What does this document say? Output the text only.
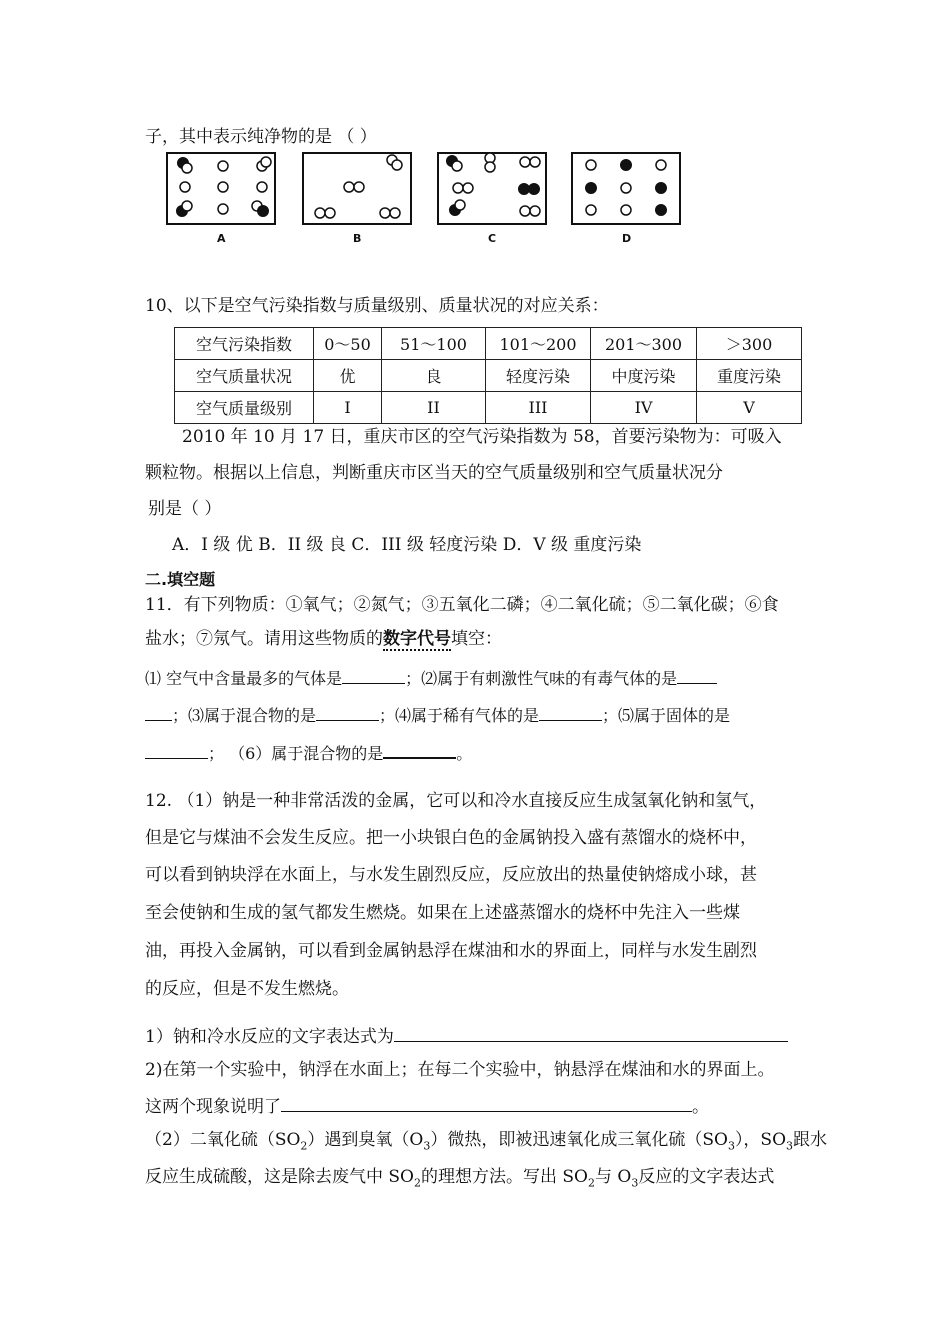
子，其中表示纯净物的是 （ ）
A	B	C	D
10、以下是空气污染指数与质量级别、质量状况的对应关系：
空气污染指数	0～50	51～100	101～200	201～300	＞300
空气质量状况	优	良	轻度污染	中度污染	重度污染
空气质量级别	I	II	III	IV	V
2010 年 10 月 17 日，重庆市区的空气污染指数为 58，首要污染物为：可吸入
颗粒物。根据以上信息，判断重庆市区当天的空气质量级别和空气质量状况分
别是（ ）
A．I 级 优 B．II 级 良 C．III 级 轻度污染 D．V 级 重度污染
二.填空题
11．有下列物质：①氧气；②氮气；③五氧化二磷；④二氧化硫；⑤二氧化碳；⑥食
盐水；⑦氖气。请用这些物质的数字代号填空：
⑴ 空气中含量最多的气体是	；⑵属于有刺激性气味的有毒气体的是
；⑶属于混合物的是	；⑷属于稀有气体的是	；⑸属于固体的是
； （6）属于混合物的是	。
12. （1）钠是一种非常活泼的金属，它可以和冷水直接反应生成氢氧化钠和氢气，
但是它与煤油不会发生反应。把一小块银白色的金属钠投入盛有蒸馏水的烧杯中，
可以看到钠块浮在水面上，与水发生剧烈反应，反应放出的热量使钠熔成小球，甚
至会使钠和生成的氢气都发生燃烧。如果在上述盛蒸馏水的烧杯中先注入一些煤
油，再投入金属钠，可以看到金属钠悬浮在煤油和水的界面上，同样与水发生剧烈
的反应，但是不发生燃烧。
1）钠和冷水反应的文字表达式为
2)在第一个实验中，钠浮在水面上；在每二个实验中，钠悬浮在煤油和水的界面上。
这两个现象说明了	。
（2）二氧化硫$(SO_2)$遇到臭氧$(O_3)$微热，即被迅速氧化成三氧化硫$(SO_3)$，$SO_3$跟水
反应生成硫酸，这是除去废气中 $SO_2$的理想方法。写出 $SO_2$与 $O_3$反应的文字表达式
